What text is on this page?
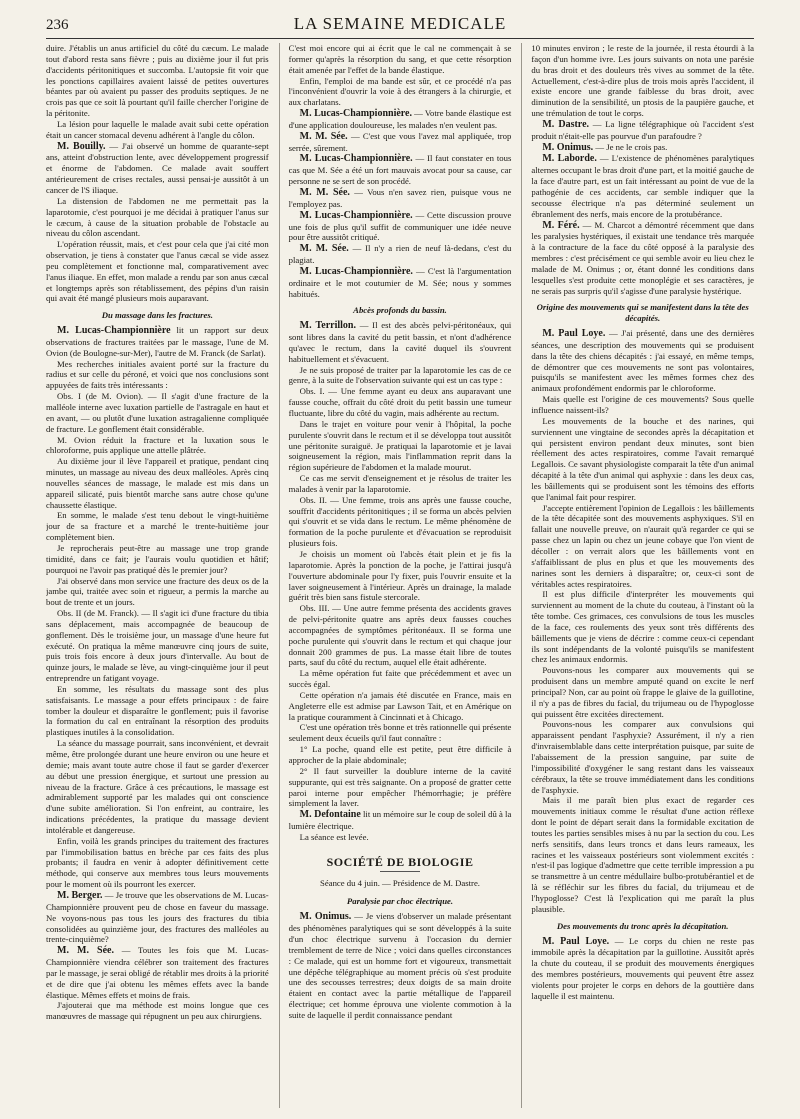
236	LA SEMAINE MEDICALE

duire. J'établis un anus artificiel du côté du cæcum. Le malade tout d'abord resta sans fièvre ; puis au dixième jour il fut pris d'accidents péritonitiques et succomba. L'autopsie fit voir que les ponctions capillaires avaient laissé de petites ouvertures béantes par où avaient pu passer des produits septiques. Je ne crois pas que ce soit là pourtant qu'il faille chercher l'origine de la péritonite.

La lésion pour laquelle le malade avait subi cette opération était un cancer stomacal devenu adhérent à l'angle du côlon.

M. Bouilly. — J'ai observé un homme de quarante-sept ans, atteint d'obstruction lente, avec développement progressif et énorme de l'abdomen. Ce malade avait souffert antérieurement de crises rectales, aussi pensai-je aussitôt à un cancer de l'S iliaque.

La distension de l'abdomen ne me permettait pas la laparotomie, c'est pourquoi je me décidai à pratiquer l'anus sur le cæcum, à cause de la situation probable de l'obstacle au niveau du côlon ascendant.

L'opération réussit, mais, et c'est pour cela que j'ai cité mon observation, je tiens à constater que l'anus cæcal se vide assez peu complètement et fonctionne mal, comparativement avec l'anus iliaque. En effet, mon malade a rendu par son anus cæcal et longtemps après son rétablissement, des pépins d'un raisin qui avait été mangé plusieurs mois auparavant.

Du massage dans les fractures.

M. Lucas-Championnière lit un rapport sur deux observations de fractures traitées par le massage, l'une de M. Ovion (de Boulogne-sur-Mer), l'autre de M. Franck (de Sarlat).

Mes recherches initiales avaient porté sur la fracture du radius et sur celle du péroné, et voici que nos conclusions sont appuyées de faits très intéressants :

Obs. I (de M. Ovion). — Il s'agit d'une fracture de la malléole interne avec luxation partielle de l'astragale en haut et en avant, — ou plutôt d'une luxation astragalienne compliquée de fracture. Le gonflement était considérable.

M. Ovion réduit la fracture et la luxation sous le chloroforme, puis applique une attelle plâtrée.

Au dixième jour il lève l'appareil et pratique, pendant cinq minutes, un massage au niveau des deux malléoles. Après cinq nouvelles séances de massage, le malade est mis dans un appareil silicaté, puis bientôt marche sans autre chose qu'une chaussette élastique.

En somme, le malade s'est tenu debout le vingt-huitième jour de sa fracture et a marché le trente-huitième jour complètement bien.

Je reprocherais peut-être au massage une trop grande timidité, dans ce fait; je l'aurais voulu quotidien et hâtif; pourquoi ne l'avoir pas pratiqué dès le premier jour?

J'ai observé dans mon service une fracture des deux os de la jambe qui, traitée avec soin et rigueur, a permis la marche au bout de trente et un jours.

Obs. II (de M. Franck). — Il s'agit ici d'une fracture du tibia sans déplacement, mais accompagnée de beaucoup de gonflement. Dès le troisième jour, un massage d'une heure fut exécuté. On pratiqua la même manœuvre cinq jours de suite, puis trois fois encore à deux jours d'intervalle. Au bout de quinze jours, le malade se lève, au vingt-cinquième jour il peut entreprendre un fatigant voyage.

En somme, les résultats du massage sont des plus satisfaisants. Le massage a pour effets principaux : de faire tomber la douleur et disparaître le gonflement; puis il favorise la formation du cal en entraînant la résorption des produits plastiques inutiles à la consolidation.

La séance du massage pourrait, sans inconvénient, et devrait même, être prolongée durant une heure environ ou une heure et demie; mais avant toute autre chose il faut se garder d'exercer au début une pression énergique, et surtout une pression au niveau de la fracture. Grâce à ces précautions, le massage est admirablement supporté par les malades qui ont conscience d'une subite amélioration. Si l'on enfreint, au contraire, les indications précédentes, la pratique du massage devient intolérable et dangereuse.

Enfin, voilà les grands principes du traitement des fractures par l'immobilisation battus en brèche par ces faits des plus probants; il faudra en venir à adopter définitivement cette méthode, qui conserve aux membres tous leurs mouvements pour le moment où ils pourront les exercer.

M. Berger. — Je trouve que les observations de M. Lucas-Championnière prouvent peu de chose en faveur du massage. Ne voyons-nous pas tous les jours des fractures du tibia consolidées au quinzième jour, des fractures des malléoles au trente-cinquième?

M. M. Sée. — Toutes les fois que M. Lucas-Championnière viendra célébrer son traitement des fractures par le massage, je serai obligé de rétablir mes droits à la priorité et de dire que j'ai obtenu les mêmes effets avec la bande élastique. Mêmes effets et moins de frais.

J'ajouterai que ma méthode est moins longue que ces manœuvres de massage qui répugnent un peu aux chirurgiens.

C'est moi encore qui ai écrit que le cal ne commençait à se former qu'après la résorption du sang, et que cette résorption était amenée par l'effet de la bande élastique.

Enfin, l'emploi de ma bande est sûr, et ce procédé n'a pas l'inconvénient d'ouvrir la voie à des étrangers à la chirurgie, et aux charlatans.

M. Lucas-Championnière. — Votre bande élastique est d'une application douloureuse, les malades n'en veulent pas.

M. M. Sée. — C'est que vous l'avez mal appliquée, trop serrée, sûrement.

M. Lucas-Championnière. — Il faut constater en tous cas que M. Sée a été un fort mauvais avocat pour sa cause, car personne ne se sert de son procédé.

M. M. Sée. — Vous n'en savez rien, puisque vous ne l'employez pas.

M. Lucas-Championnière. — Cette discussion prouve une fois de plus qu'il suffit de communiquer une idée neuve pour être aussitôt critiqué.

M. M. Sée. — Il n'y a rien de neuf là-dedans, c'est du plagiat.

M. Lucas-Championnière. — C'est là l'argumentation ordinaire et le mot coutumier de M. Sée; nous y sommes habitués.

Abcès profonds du bassin.

M. Terrillon. — Il est des abcès pelvi-péritonéaux, qui sont libres dans la cavité du petit bassin, et n'ont d'adhérence qu'avec le rectum, dans la cavité duquel ils s'ouvrent habituellement et s'évacuent.

Je ne suis proposé de traiter par la laparotomie les cas de ce genre, à la suite de l'observation suivante qui est un cas type :

Obs. I. — Une femme ayant eu deux ans auparavant une fausse couche, offrait du côté droit du petit bassin une tumeur fluctuante, libre du côté du vagin, mais adhérente au rectum.

Dans le trajet en voiture pour venir à l'hôpital, la poche purulente s'ouvrit dans le rectum et il se développa tout aussitôt une péritonite suraiguë. Je pratiquai la laparotomie et je lavai soigneusement la région, mais l'inflammation reprit dans la région supérieure de l'abdomen et la malade mourut.

Ce cas me servit d'enseignement et je résolus de traiter les malades à venir par la laparotomie.

Obs. II. — Une femme, trois ans après une fausse couche, souffrit d'accidents péritonitiques ; il se forma un abcès pelvien qui s'ouvrit et se vida dans le rectum. Le même phénomène de formation de la poche purulente et d'évacuation se reproduisit plusieurs fois.

Je choisis un moment où l'abcès était plein et je fis la laparotomie. Après la ponction de la poche, je l'attirai jusqu'à l'ouverture abdominale pour l'y fixer, puis l'ouvrir ensuite et la laver soigneusement à l'intérieur. Après un drainage, la malade guérit très bien sans fistule stercorale.

Obs. III. — Une autre femme présenta des accidents graves de pelvi-péritonite quatre ans après deux fausses couches accompagnées de symptômes péritonéaux. Il se forma une poche purulente qui s'ouvrit dans le rectum et qui chaque jour donnait 200 grammes de pus. La masse était libre de toutes parts, sauf du côté du rectum, auquel elle était adhérente.

La même opération fut faite que précédemment et avec un succès égal.

Cette opération n'a jamais été discutée en France, mais en Angleterre elle est admise par Lawson Tait, et en Amérique on la pratique couramment à Cincinnati et à Chicago.

C'est une opération très bonne et très rationnelle qui présente seulement deux écueils qu'il faut connaître :

1° La poche, quand elle est petite, peut être difficile à approcher de la plaie abdominale;

2° Il faut surveiller la doublure interne de la cavité suppurante, qui est très saignante. On a proposé de gratter cette paroi interne pour empêcher l'hémorrhagie; je préfère simplement la laver.

M. Defontaine lit un mémoire sur le coup de soleil dû à la lumière électrique.

La séance est levée.

SOCIÉTÉ DE BIOLOGIE
Séance du 4 juin. — Présidence de M. Dastre.
Paralysie par choc électrique.

M. Onimus. — Je viens d'observer un malade présentant des phénomènes paralytiques qui se sont développés à la suite d'un choc électrique survenu à l'occasion du dernier tremblement de terre de Nice ; voici dans quelles circonstances : Ce malade, qui est un homme fort et vigoureux, transmettait une dépêche télégraphique au moment précis où s'est produite une des secousses terrestres; deux doigts de sa main droite étaient en contact avec la partie métallique de l'appareil électrique; cet homme éprouva une violente commotion à la suite de laquelle il perdit connaissance pendant

10 minutes environ ; le reste de la journée, il resta étourdi à la façon d'un homme ivre. Les jours suivants on nota une parésie du bras droit et des douleurs très vives au sommet de la tête. Actuellement, c'est-à-dire plus de trois mois après l'accident, il existe encore une grande faiblesse du bras droit, avec diminution de la sensibilité, un ptosis de la paupière gauche, et une trémulation de tout le corps.

M. Dastre. — La ligne télégraphique où l'accident s'est produit n'était-elle pas pourvue d'un parafoudre ?

M. Onimus. — Je ne le crois pas.

M. Laborde. — L'existence de phénomènes paralytiques alternes occupant le bras droit d'une part, et la moitié gauche de la face d'autre part, est un fait intéressant au point de vue de la pathogénie de ces accidents, car semble indiquer que la secousse électrique n'a pas déterminé seulement un ébranlement des nerfs, mais encore de la protubérance.

M. Féré. — M. Charcot a démontré récemment que dans les paralysies hystériques, il existait une tendance très marquée à la contracture de la face du côté opposé à la paralysie des membres : c'est précisément ce qui semble avoir eu lieu chez le malade de M. Onimus ; or, étant donné les conditions dans lesquelles s'est produite cette monoplégie et ses caractères, je ne serais pas surpris qu'il s'agisse d'une paralysie hystérique.

Origine des mouvements qui se manifestent dans la tête des décapités.

M. Paul Loye. — J'ai présenté, dans une des dernières séances, une description des mouvements qui se produisent dans la tête des chiens décapités : j'ai essayé, en même temps, de démontrer que ces mouvements ne sont pas volontaires, puisqu'ils se manifestent avec les mêmes formes chez des animaux profondément endormis par le chloroforme.

Mais quelle est l'origine de ces mouvements? Sous quelle influence naissent-ils?

Les mouvements de la bouche et des narines, qui surviennent une vingtaine de secondes après la décapitation et qui persistent environ pendant deux minutes, sont bien réellement des actes respiratoires, comme l'avait remarqué Legallois. Ce savant physiologiste comparait la tête d'un animal décapité à la tête d'un animal qui asphyxie : dans les deux cas, les bâillements qui se produisent sont les témoins des efforts que l'animal fait pour respirer.

J'accepte entièrement l'opinion de Legallois : les bâillements de la tête décapitée sont des mouvements asphyxiques. S'il en fallait une nouvelle preuve, on n'aurait qu'à regarder ce qui se passe chez un lapin ou chez un jeune cobaye que l'on vient de décoller : on verrait alors que les bâillements vont en s'affaiblissant de plus en plus et que les mouvements des narines sont les derniers à disparaître; or, ceux-ci sont de véritables actes respiratoires.

Il est plus difficile d'interpréter les mouvements qui surviennent au moment de la chute du couteau, à l'instant où la tête tombe. Ces grimaces, ces convulsions de tous les muscles de la face, ces roulements des yeux sont très différents des bâillements que je viens de décrire : comme ceux-ci cependant ils sont indépendants de la volonté puisqu'ils se manifestent chez les animaux endormis.

Pouvons-nous les comparer aux mouvements qui se produisent dans un membre amputé quand on excite le nerf principal? Non, car au point où frappe le glaive de la guillotine, il n'y a pas de fibres du facial, du trijumeau ou de l'hypoglosse qui puissent être excitées directement.

Pouvons-nous les comparer aux convulsions qui apparaissent pendant l'asphyxie? Assurément, il n'y a rien d'invraisemblable dans cette interprétation puisque, par suite de l'abaissement de la pression sanguine, par suite de l'impossibilité d'oxygéner le sang restant dans les vaisseaux cérébraux, la tête se trouve immédiatement dans les conditions de l'asphyxie.

Mais il me paraît bien plus exact de regarder ces mouvements initiaux comme le résultat d'une action réflexe dont le point de départ serait dans la formidable excitation de toutes les parties sensibles mises à nu par la section du cou. Les nerfs sensitifs, dans leurs troncs et dans leurs rameaux, les racines et les vaisseaux postérieurs sont violemment excités : n'est-il pas logique d'admettre que cette terrible impression a pu se transmettre à un centre médullaire bulbo-protubérantiel et de là se réfléchir sur les fibres du facial, du trijumeau et de l'hypoglosse? C'est là l'explication qui me paraît la plus plausible.

Des mouvements du tronc après la décapitation.

M. Paul Loye. — Le corps du chien ne reste pas immobile après la décapitation par la guillotine. Aussitôt après la chute du couteau, il se produit des mouvements énergiques des membres postérieurs, mouvements qui peuvent être assez violents pour projeter le corps en dehors de la gouttière dans laquelle il est maintenu.
